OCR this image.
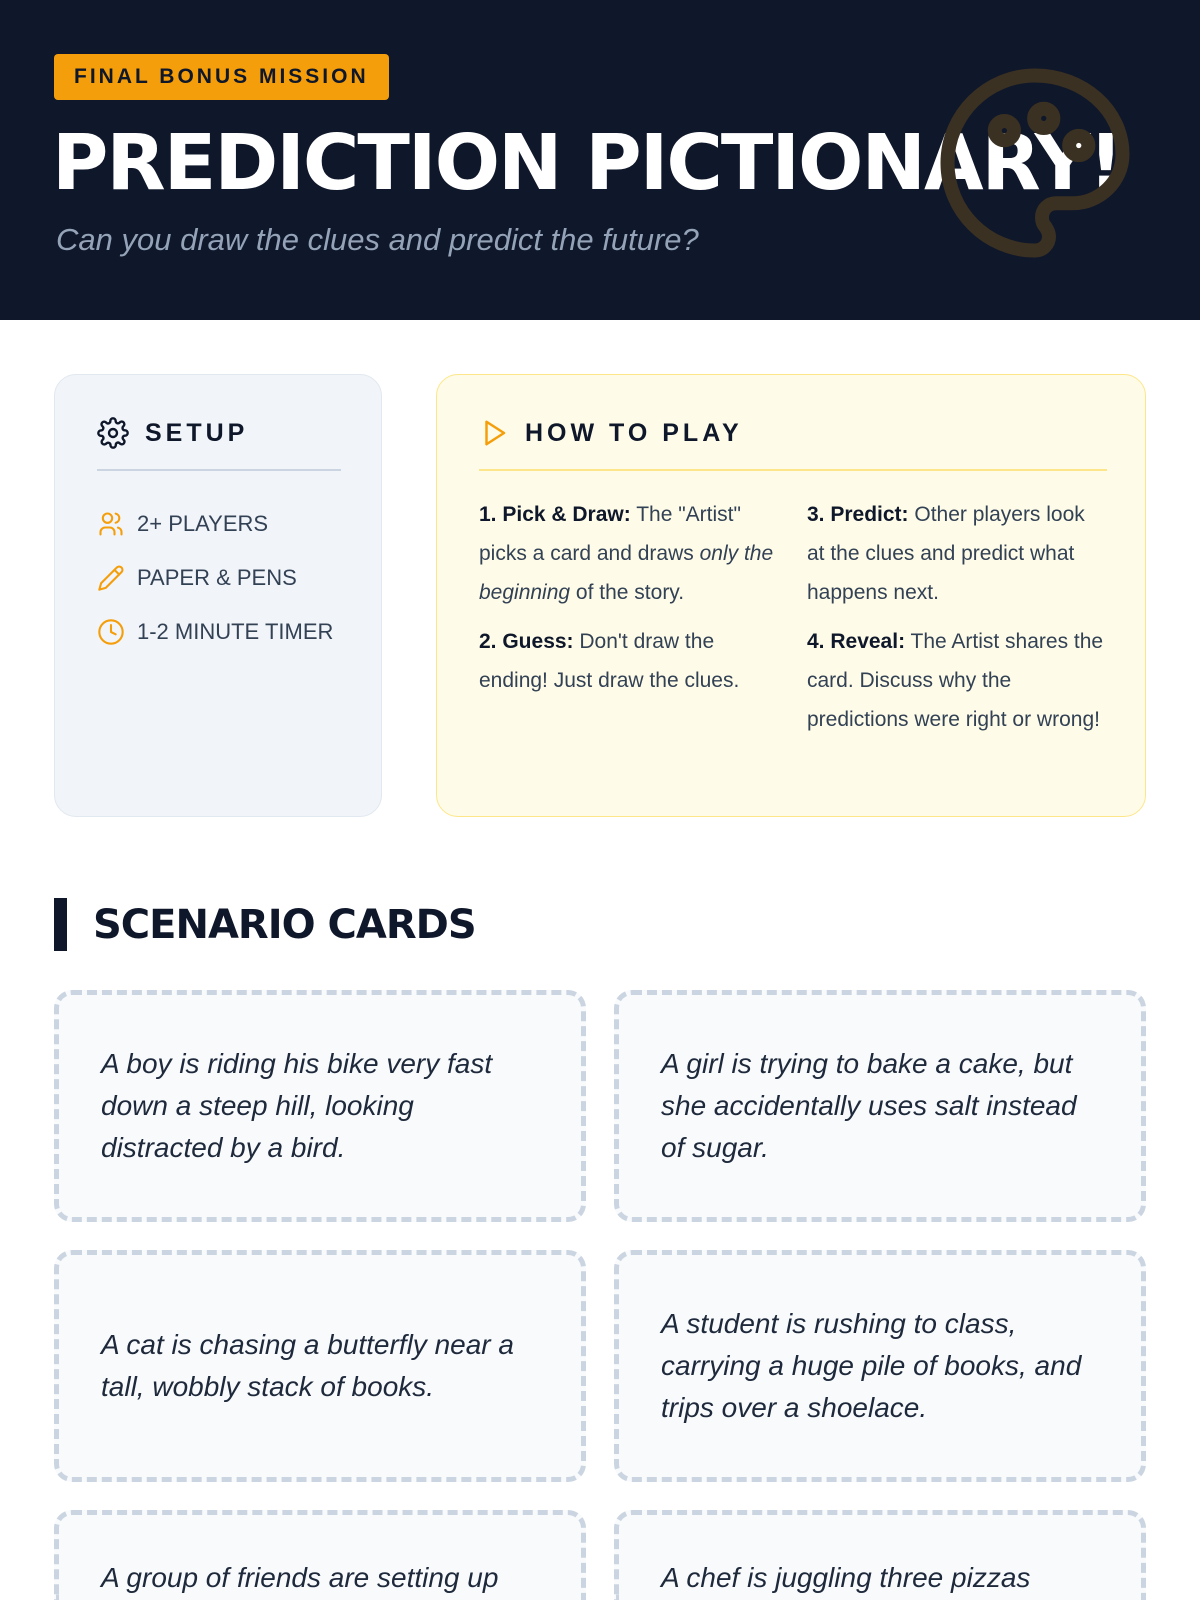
FINAL BONUS MISSION
PREDICTION PICTIONARY!
Can you draw the clues and predict the future?
SETUP
2+ PLAYERS
PAPER & PENS
1-2 MINUTE TIMER
HOW TO PLAY

1. Pick & Draw: The "Artist" picks a card and draws only the beginning of the story.

3. Predict: Other players look at the clues and predict what happens next.

2. Guess: Don't draw the ending! Just draw the clues.

4. Reveal: The Artist shares the card. Discuss why the predictions were right or wrong!

SCENARIO CARDS

A boy is riding his bike very fast down a steep hill, looking distracted by a bird.

A girl is trying to bake a cake, but she accidentally uses salt instead of sugar.

A cat is chasing a butterfly near a tall, wobbly stack of books.

A student is rushing to class, carrying a huge pile of books, and trips over a shoelace.

A group of friends are setting up	A chef is juggling three pizzas
